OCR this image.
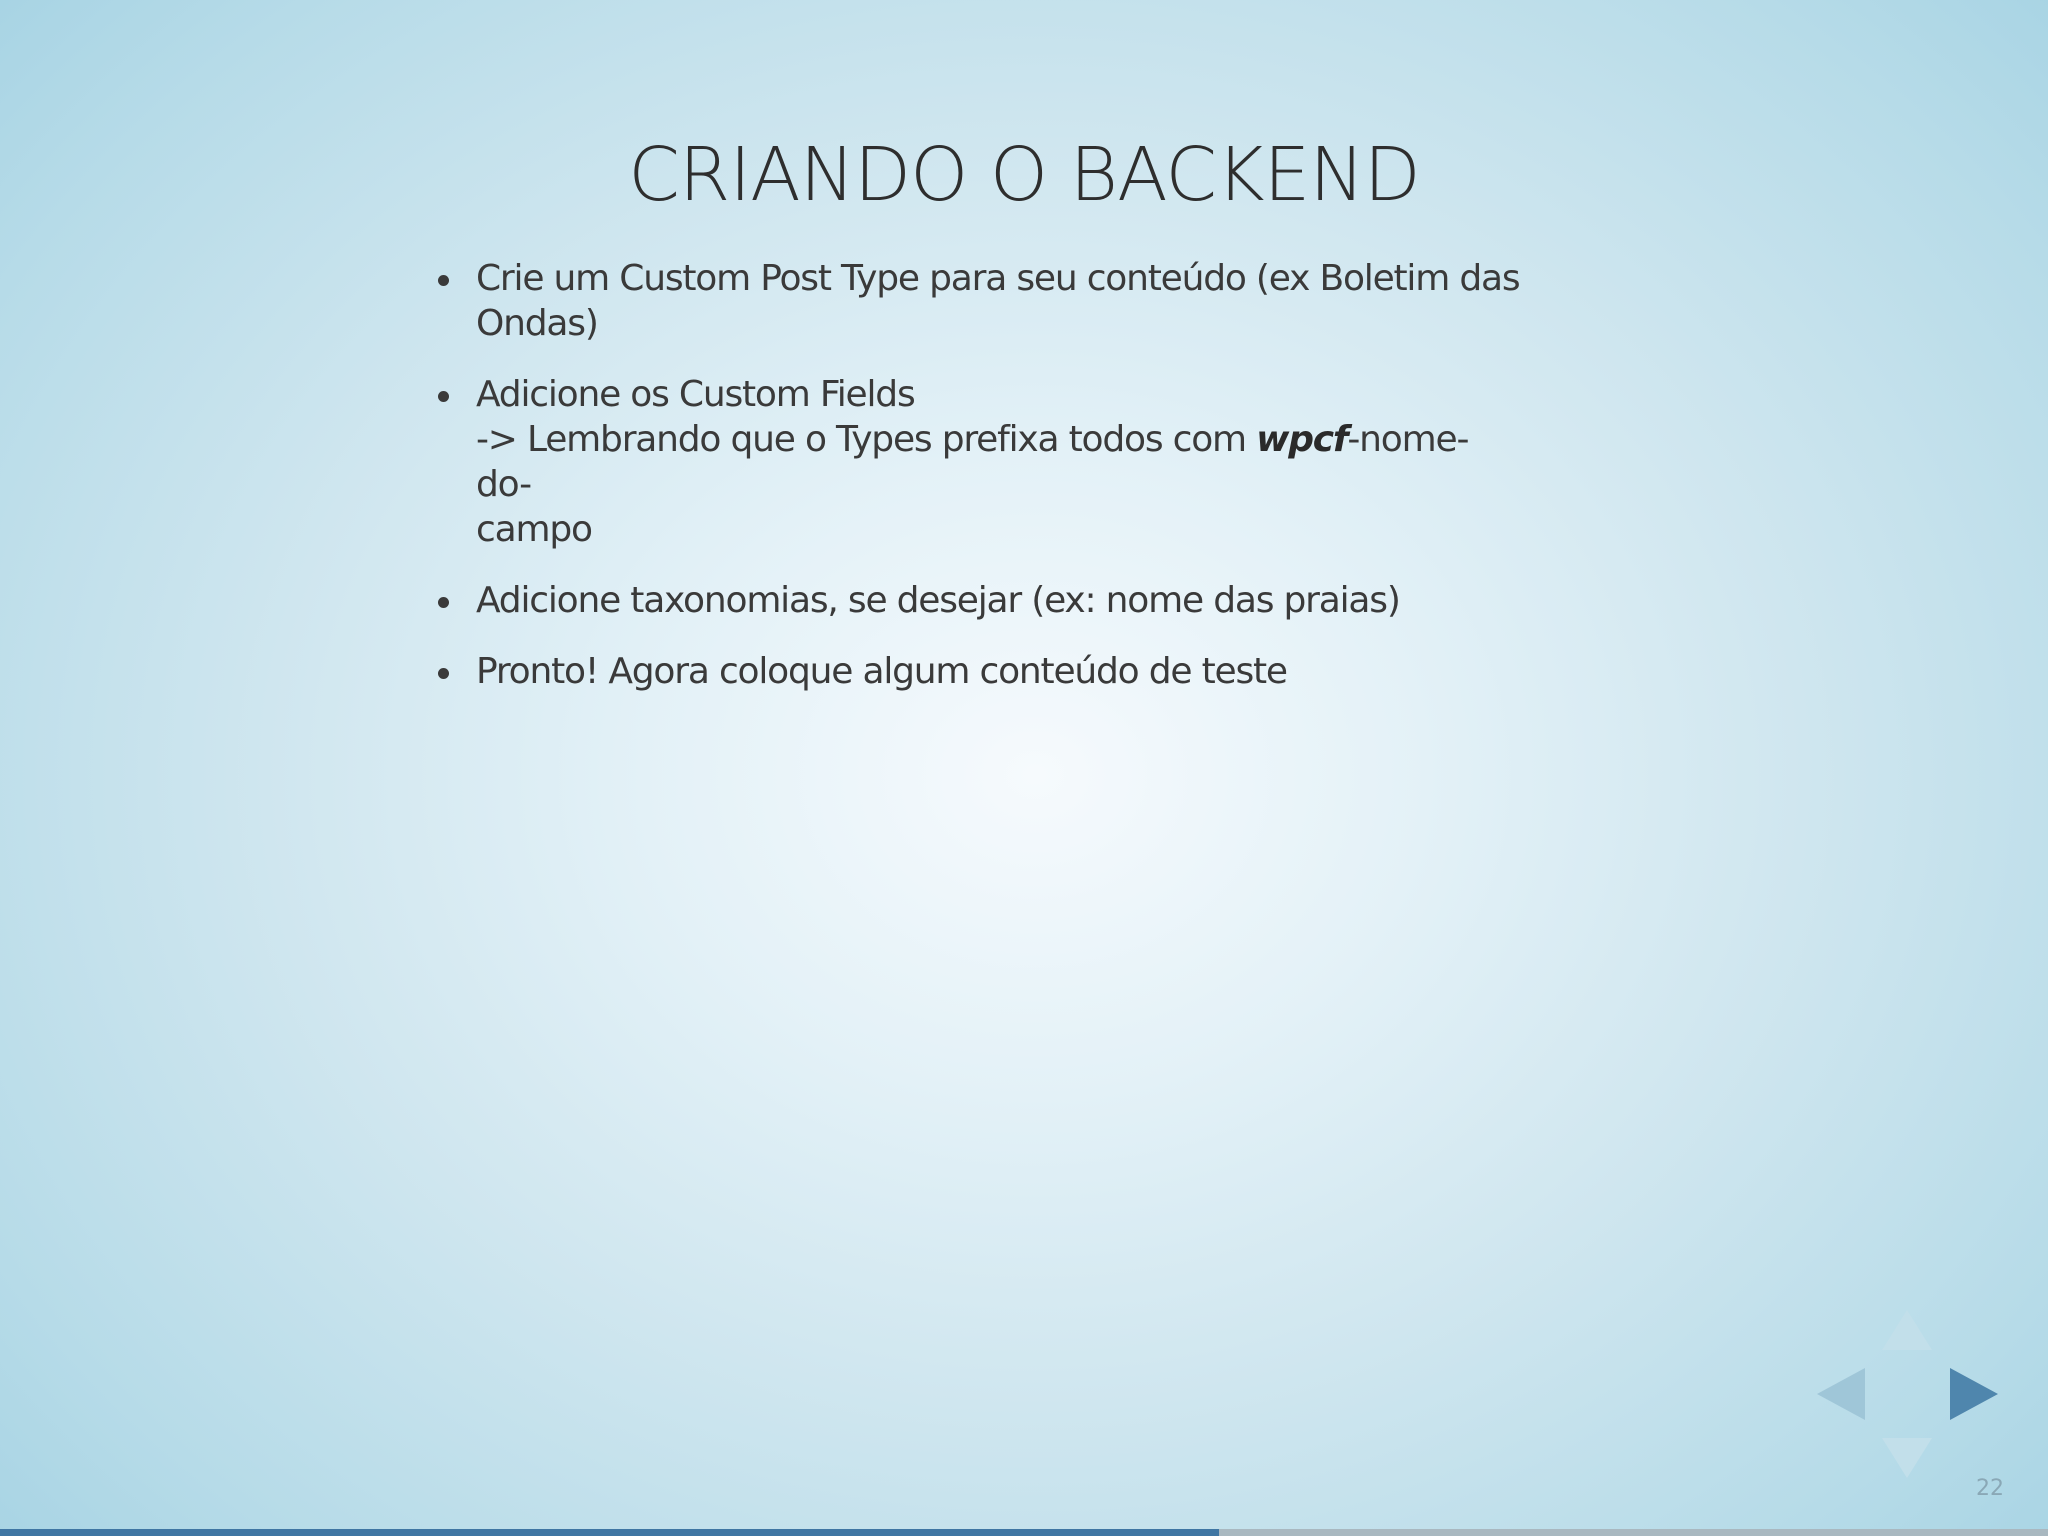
CRIANDO O BACKEND
Crie um Custom Post Type para seu conteúdo (ex Boletim das
Ondas)
Adicione os Custom Fields
-> Lembrando que o Types prefixa todos com wpcf-nome-do-
campo
Adicione taxonomias, se desejar (ex: nome das praias)
Pronto! Agora coloque algum conteúdo de teste
22
